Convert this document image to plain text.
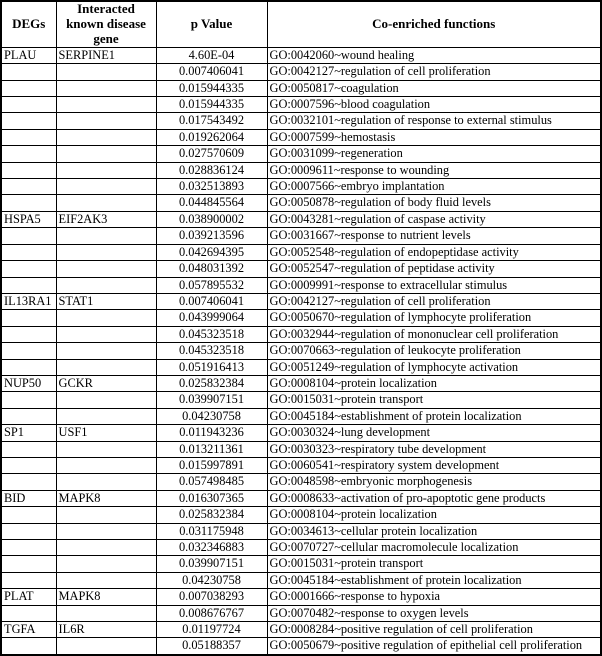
DEGs	Interacted known disease gene	p Value	Co-enriched functions
PLAU	SERPINE1	4.60E-04	GO:0042060~wound healing
		0.007406041	GO:0042127~regulation of cell proliferation
		0.015944335	GO:0050817~coagulation
		0.015944335	GO:0007596~blood coagulation
		0.017543492	GO:0032101~regulation of response to external stimulus
		0.019262064	GO:0007599~hemostasis
		0.027570609	GO:0031099~regeneration
		0.028836124	GO:0009611~response to wounding
		0.032513893	GO:0007566~embryo implantation
		0.044845564	GO:0050878~regulation of body fluid levels
HSPA5	EIF2AK3	0.038900002	GO:0043281~regulation of caspase activity
		0.039213596	GO:0031667~response to nutrient levels
		0.042694395	GO:0052548~regulation of endopeptidase activity
		0.048031392	GO:0052547~regulation of peptidase activity
		0.057895532	GO:0009991~response to extracellular stimulus
IL13RA1	STAT1	0.007406041	GO:0042127~regulation of cell proliferation
		0.043999064	GO:0050670~regulation of lymphocyte proliferation
		0.045323518	GO:0032944~regulation of mononuclear cell proliferation
		0.045323518	GO:0070663~regulation of leukocyte proliferation
		0.051916413	GO:0051249~regulation of lymphocyte activation
NUP50	GCKR	0.025832384	GO:0008104~protein localization
		0.039907151	GO:0015031~protein transport
		0.04230758	GO:0045184~establishment of protein localization
SP1	USF1	0.011943236	GO:0030324~lung development
		0.013211361	GO:0030323~respiratory tube development
		0.015997891	GO:0060541~respiratory system development
		0.057498485	GO:0048598~embryonic morphogenesis
BID	MAPK8	0.016307365	GO:0008633~activation of pro-apoptotic gene products
		0.025832384	GO:0008104~protein localization
		0.031175948	GO:0034613~cellular protein localization
		0.032346883	GO:0070727~cellular macromolecule localization
		0.039907151	GO:0015031~protein transport
		0.04230758	GO:0045184~establishment of protein localization
PLAT	MAPK8	0.007038293	GO:0001666~response to hypoxia
		0.008676767	GO:0070482~response to oxygen levels
TGFA	IL6R	0.01197724	GO:0008284~positive regulation of cell proliferation
		0.05188357	GO:0050679~positive regulation of epithelial cell proliferation
